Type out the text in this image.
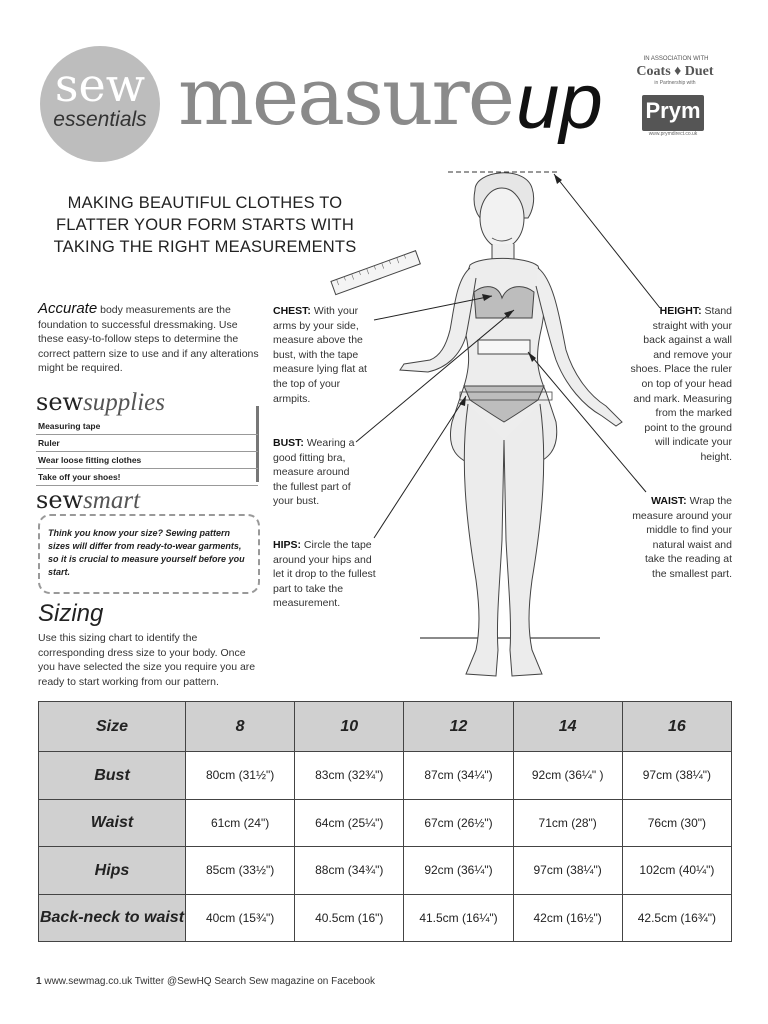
sew
essentials measure up	IN ASSOCIATION WITH
Coats ♦ Duet
in Partnership with
Prym
www.prymdirect.co.uk
MAKING BEAUTIFUL CLOTHES TO
FLATTER YOUR FORM STARTS WITH
TAKING THE RIGHT MEASUREMENTS
Accurate body measurements are the foundation to successful dressmaking. Use these easy-to-follow steps to determine the correct pattern size to use and if any alterations might be required.
sewsupplies
Measuring tape
Ruler
Wear loose fitting clothes
Take off your shoes!
sewsmart
Think you know your size? Sewing pattern sizes will differ from ready-to-wear garments, so it is crucial to measure yourself before you start.
Sizing
Use this sizing chart to identify the corresponding dress size to your body. Once you have selected the size you require you are ready to start working from our pattern.
CHEST: With your arms by your side, measure above the bust, with the tape measure lying flat at the top of your armpits.
BUST: Wearing a good fitting bra, measure around the fullest part of your bust.
HIPS: Circle the tape around your hips and let it drop to the fullest part to take the measurement.
HEIGHT: Stand straight with your back against a wall and remove your shoes. Place the ruler on top of your head and mark. Measuring from the marked point to the ground will indicate your height.
WAIST: Wrap the measure around your middle to find your natural waist and take the reading at the smallest part.
Size	8	10	12	14	16
Bust	80cm (31½")	83cm (32¾")	87cm (34¼")	92cm (36¼" )	97cm (38¼")
Waist	61cm (24")	64cm (25¼")	67cm (26½")	71cm (28")	76cm (30")
Hips	85cm (33½")	88cm (34¾")	92cm (36¼")	97cm (38¼")	102cm (40¼")
Back-neck to waist	40cm (15¾")	40.5cm (16")	41.5cm (16¼")	42cm (16½")	42.5cm (16¾")
1 www.sewmag.co.uk Twitter @SewHQ Search Sew magazine on Facebook
